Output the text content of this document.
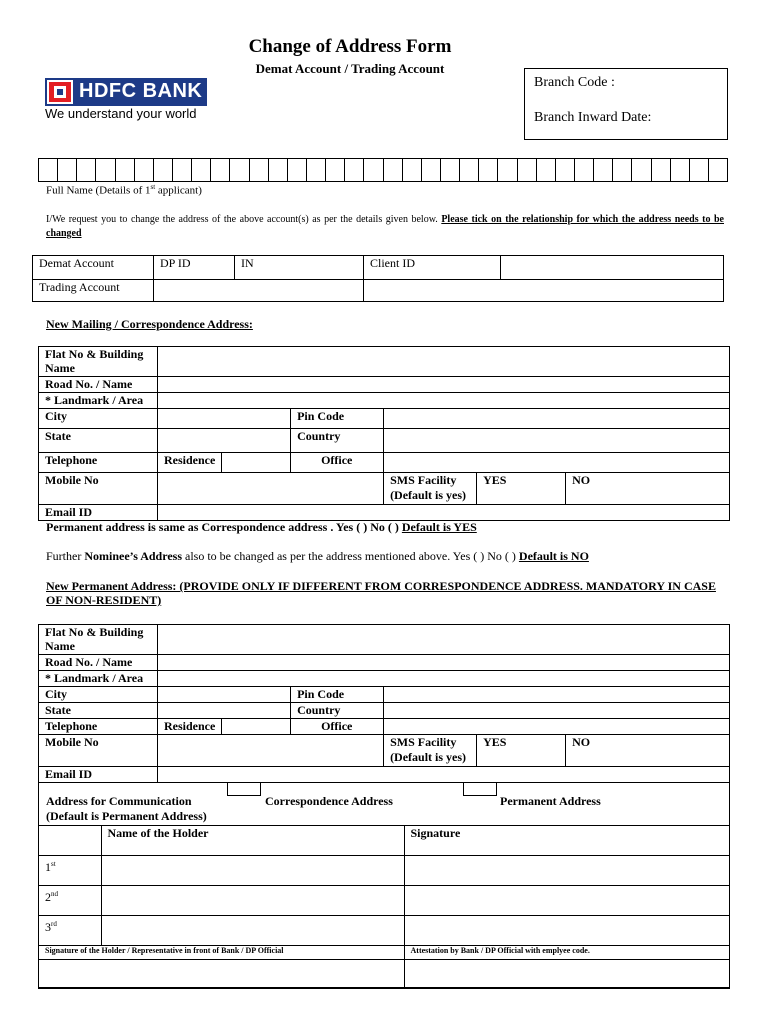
Change of Address Form
Demat Account / Trading Account
Branch Code :
Branch Inward Date:
HDFC BANK
We understand your world
Full Name (Details of 1st applicant)
I/We request you to change the address of the above account(s) as per the details given below. Please tick on the relationship for which the address needs to be changed
Demat Account	DP ID	IN	Client ID	
Trading Account				
New Mailing / Correspondence Address:
Flat No & Building Name						

Road No. / Name						

* Landmark / Area						

City			Pin Code			

State			Country			
Telephone	Residence		Office			
Mobile No				SMS Facility (Default is yes)	YES	NO
Email ID						
Permanent address is same as Correspondence address . Yes ( ) No ( ) Default is YES
Further Nominee’s Address also to be changed as per the address mentioned above. Yes ( ) No ( ) Default is NO
New Permanent Address: (PROVIDE ONLY IF DIFFERENT FROM CORRESPONDENCE ADDRESS. MANDATORY IN CASE OF NON-RESIDENT)
Flat No & Building Name						

Road No. / Name						

* Landmark / Area						

City			Pin Code			

State			Country			
Telephone	Residence		Office			
Mobile No				SMS Facility (Default is yes)	YES	NO
Email ID						
Address for Communication (Default is Permanent Address)
Correspondence Address	Permanent Address
	Name of the Holder	Signature
1st		
2nd		
3rd		
Signature of the Holder / Representative in front of Bank / DP Official		Attestation by Bank / DP Official with emplyee code.
